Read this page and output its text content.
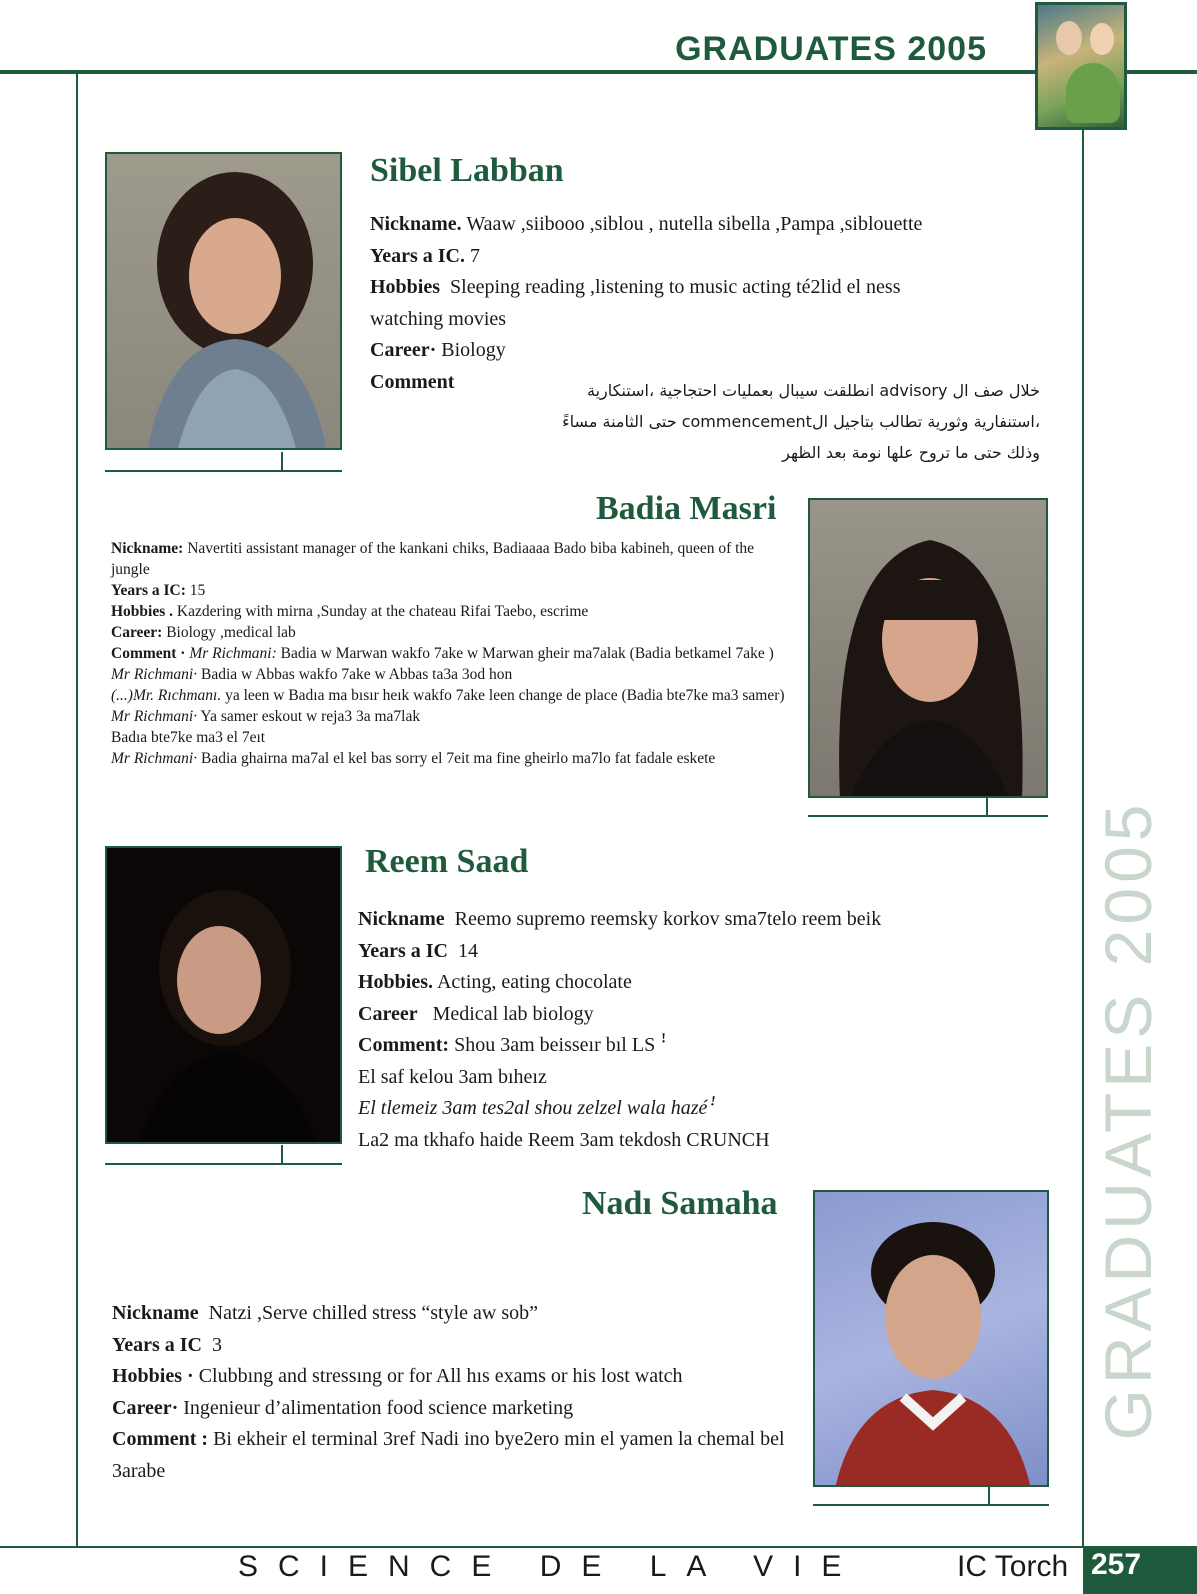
GRADUATES 2005
GRADUATES 2005
Sibel Labban

Nickname. Waaw ,siibooo ,siblou , nutella sibella ,Pampa ,siblouette

Years a IC. 7

Hobbies Sleeping reading ,listening to music acting té2lid el ness

watching movies

Career· Biology

Comment	خلال صف ال advisory انطلقت سيبال بعمليات احتجاجية ،استنكارية
،استنفارية وثورية تطالب بتاجيل الcommencement حتى الثامنة مساءً
وذلك حتى ما تروح علها نومة بعد الظهر
Badia Masri

Nickname: Navertiti assistant manager of the kankani chiks, Badiaaaa Bado biba kabineh, queen of the jungle

Years a IC: 15

Hobbies . Kazdering with mirna ,Sunday at the chateau Rifai Taebo, escrime

Career: Biology ,medical lab

Comment · Mr Richmani: Badia w Marwan wakfo 7ake w Marwan gheir ma7alak (Badia betkamel 7ake )

Mr Richmani· Badia w Abbas wakfo 7ake w Abbas ta3a 3od hon

(...)Mr. Rıchmanı. ya leen w Badıa ma bısır heık wakfo 7ake leen change de place (Badia bte7ke ma3 samer)

Mr Richmani· Ya samer eskout w reja3 3a ma7lak

Badıa bte7ke ma3 el 7eıt

Mr Richmani· Badia ghairna ma7al el kel bas sorry el 7eit ma fine gheirlo ma7lo fat fadale eskete

Reem Saad

Nickname Reemo supremo reemsky korkov sma7telo reem beik

Years a IC 14

Hobbies. Acting, eating chocolate

Career Medical lab biology

Comment: Shou 3am beisseır bıl LS ꜝ

El saf kelou 3am bıheız

El tlemeiz 3am tes2al shou zelzel wala hazéꜝ

La2 ma tkhafo haide Reem 3am tekdosh CRUNCH

Nadı Samaha

Nickname Natzi ,Serve chilled stress “style aw sob”

Years a IC 3

Hobbies · Clubbıng and stressıng or for All hıs exams or his lost watch

Career· Ingenieur d’alimentation food science marketing

Comment : Bi ekheir el terminal 3ref Nadi ino bye2ero min el yamen la chemal bel 3arabe

SCIENCE DE LA VIE	IC Torch 257
